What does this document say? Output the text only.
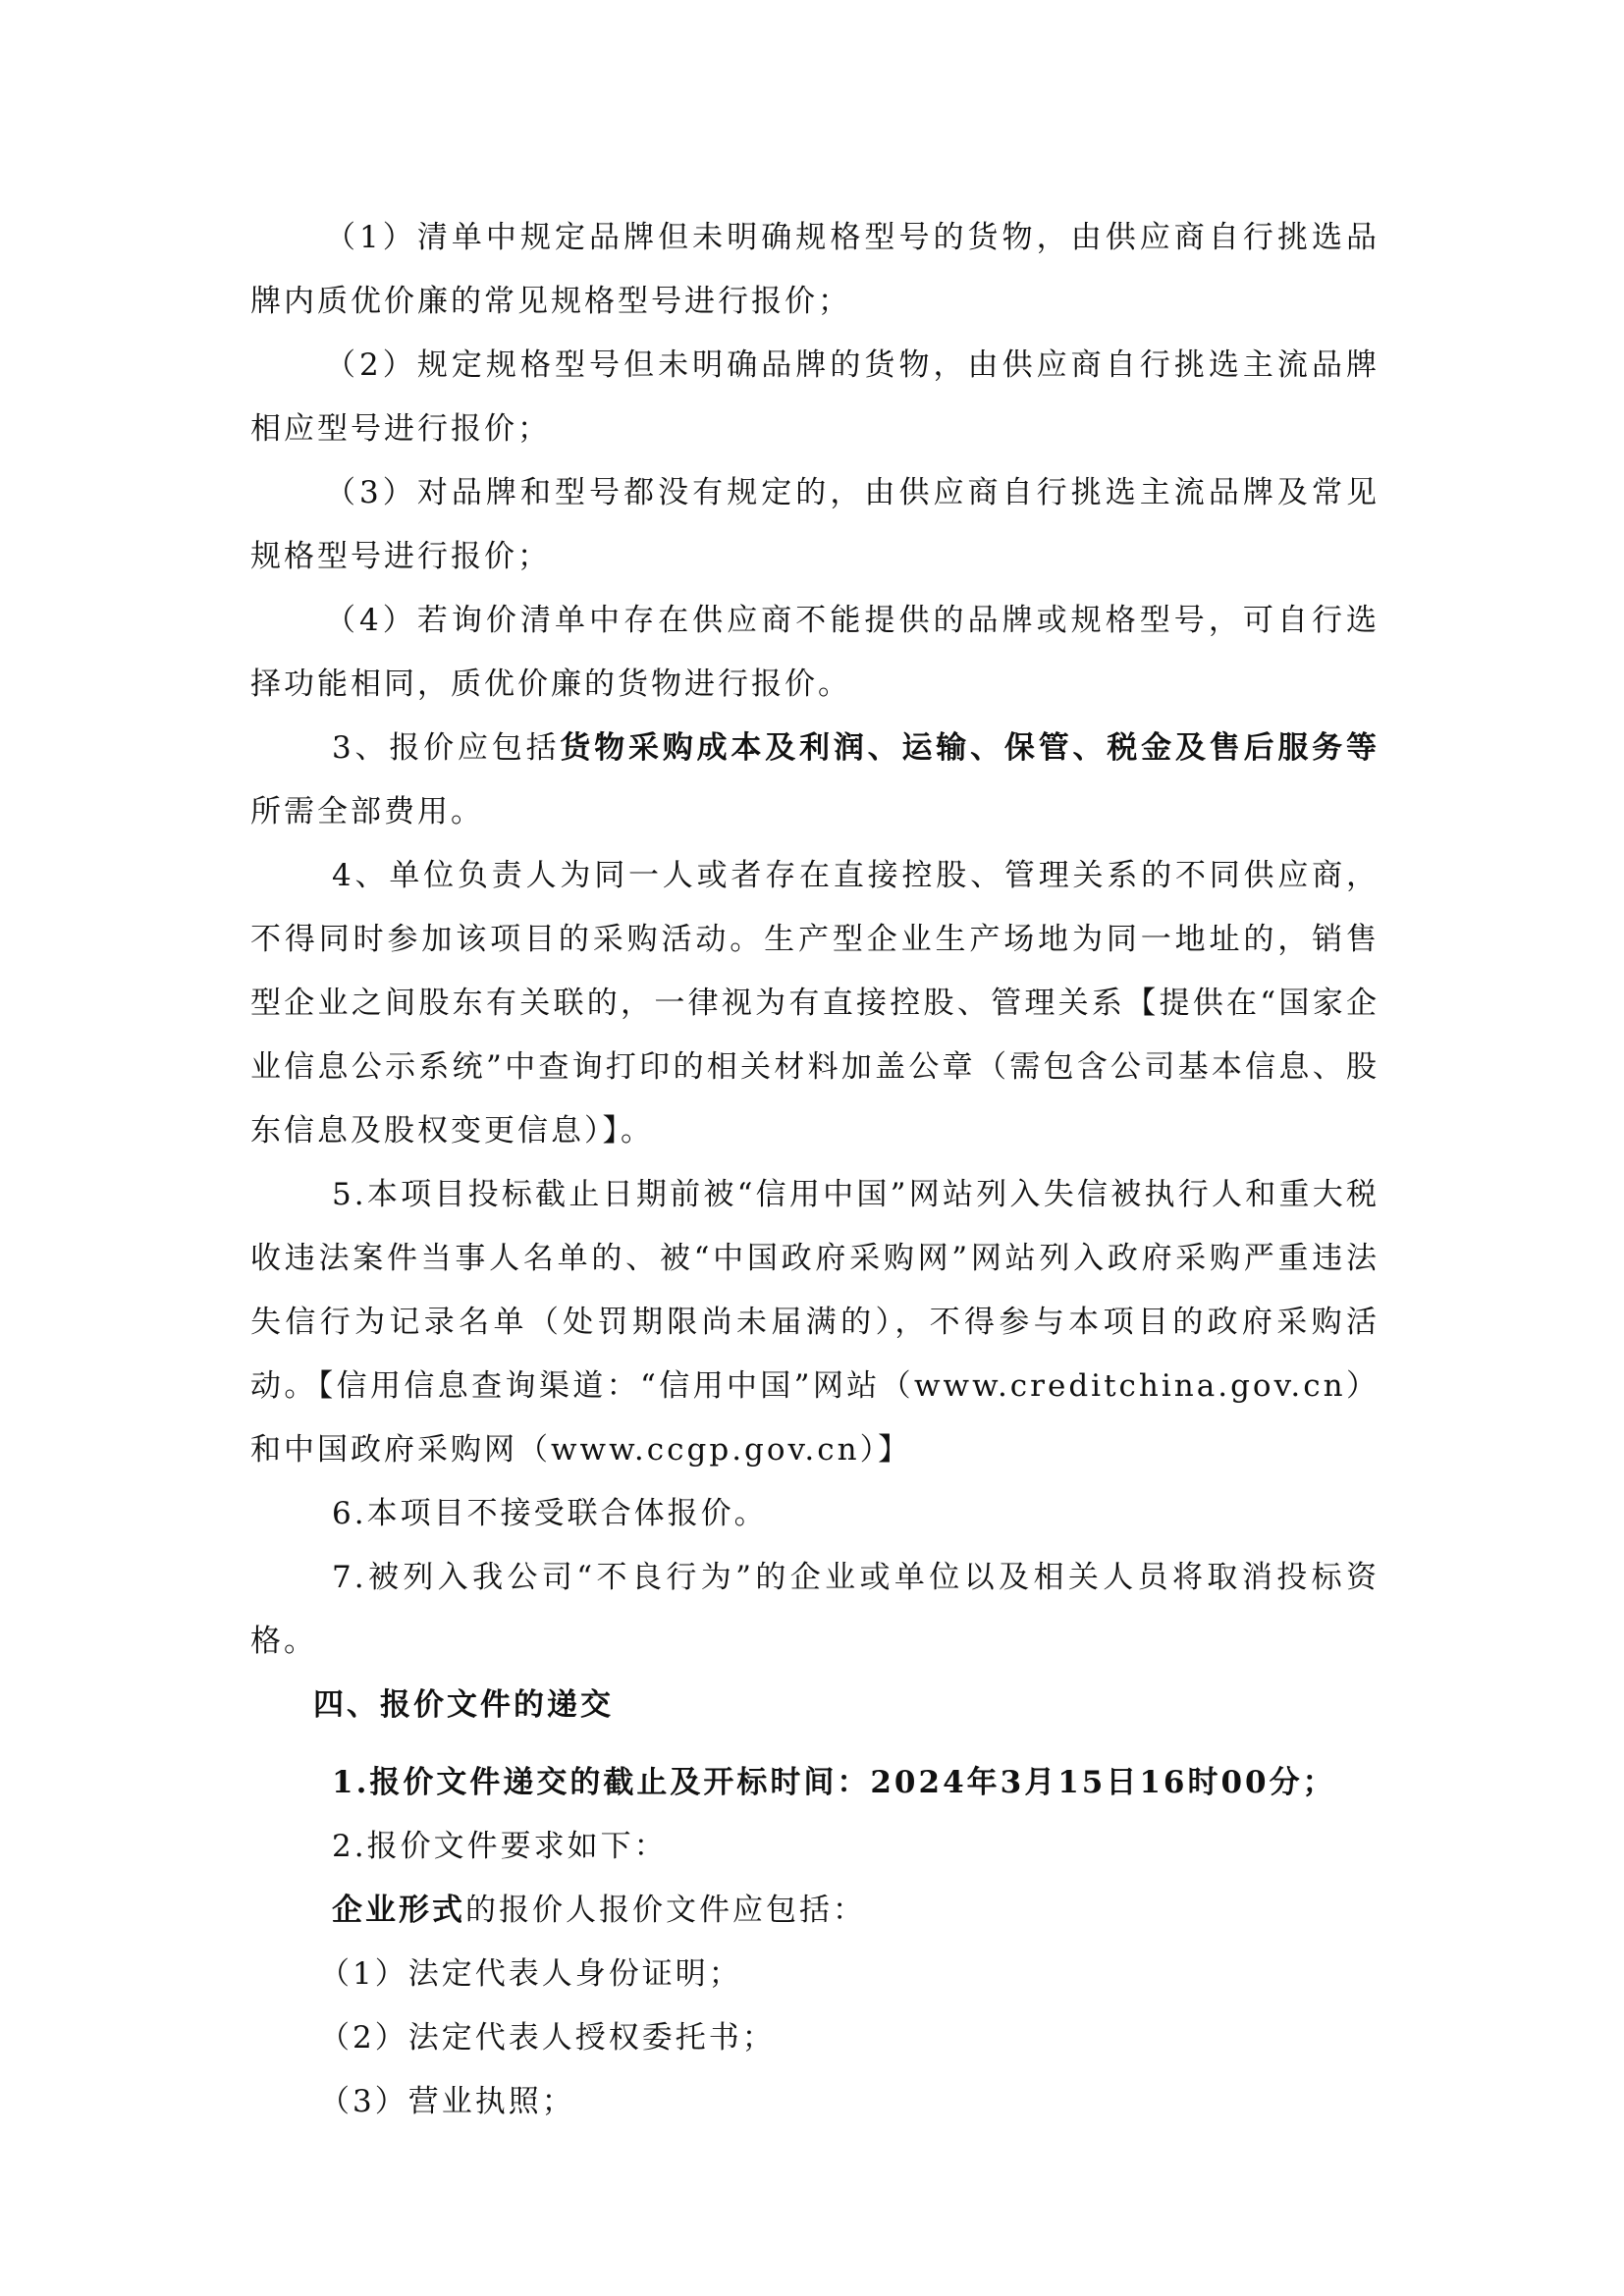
（1）清单中规定品牌但未明确规格型号的货物，由供应商自行挑选品牌内质优价廉的常见规格型号进行报价；

（2）规定规格型号但未明确品牌的货物，由供应商自行挑选主流品牌相应型号进行报价；

（3）对品牌和型号都没有规定的，由供应商自行挑选主流品牌及常见规格型号进行报价；

（4）若询价清单中存在供应商不能提供的品牌或规格型号，可自行选择功能相同，质优价廉的货物进行报价。

3、报价应包括货物采购成本及利润、运输、保管、税金及售后服务等所需全部费用。

4、单位负责人为同一人或者存在直接控股、管理关系的不同供应商，不得同时参加该项目的采购活动。生产型企业生产场地为同一地址的，销售型企业之间股东有关联的，一律视为有直接控股、管理关系【提供在“国家企业信息公示系统”中查询打印的相关材料加盖公章（需包含公司基本信息、股东信息及股权变更信息）】。

5.本项目投标截止日期前被“信用中国”网站列入失信被执行人和重大税收违法案件当事人名单的、被“中国政府采购网”网站列入政府采购严重违法失信行为记录名单（处罚期限尚未届满的），不得参与本项目的政府采购活动。【信用信息查询渠道：“信用中国”网站（www.creditchina.gov.cn）和中国政府采购网（www.ccgp.gov.cn）】

6.本项目不接受联合体报价。

7.被列入我公司“不良行为”的企业或单位以及相关人员将取消投标资格。

四、报价文件的递交

1.报价文件递交的截止及开标时间：2024年3月15日16时00分；

2.报价文件要求如下：

企业形式的报价人报价文件应包括：

（1）法定代表人身份证明；

（2）法定代表人授权委托书；

（3）营业执照；
